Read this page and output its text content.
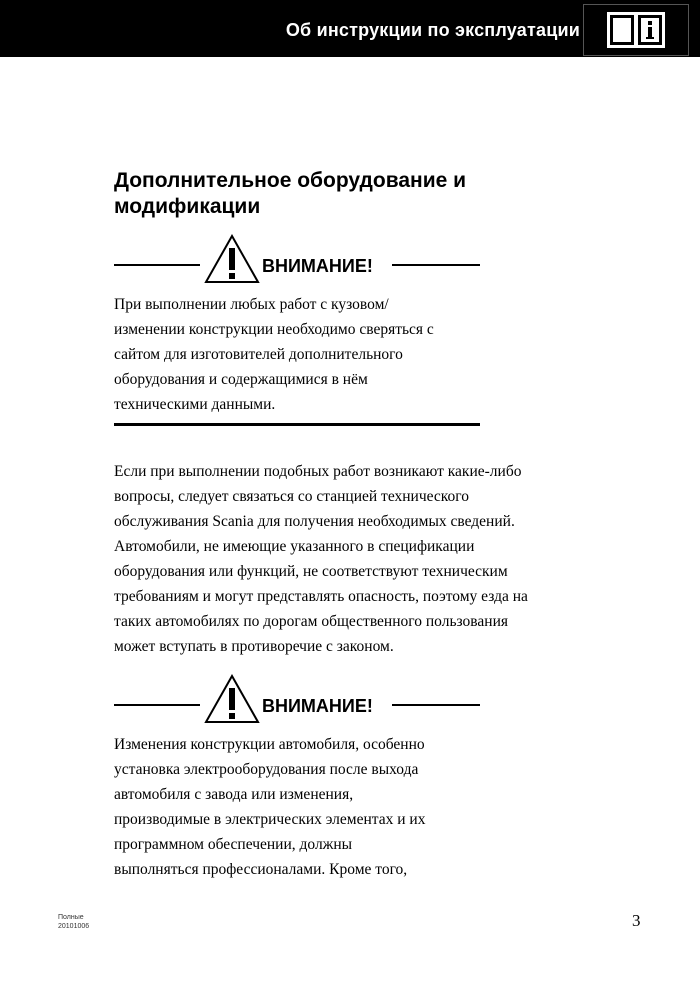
Об инструкции по эксплуатации
Дополнительное оборудование и модификации
ВНИМАНИЕ!
При выполнении любых работ с кузовом/
изменении конструкции необходимо сверяться с
сайтом для изготовителей дополнительного
оборудования и содержащимися в нём
техническими данными.
Если при выполнении подобных работ возникают какие-либо
вопросы, следует связаться со станцией технического
обслуживания Scania для получения необходимых сведений.
Автомобили, не имеющие указанного в спецификации
оборудования или функций, не соответствуют техническим
требованиям и могут представлять опасность, поэтому езда на
таких автомобилях по дорогам общественного пользования
может вступать в противоречие с законом.
ВНИМАНИЕ!
Изменения конструкции автомобиля, особенно
установка электрооборудования после выхода
автомобиля с завода или изменения,
производимые в электрических элементах и их
программном обеспечении, должны
выполняться профессионалами. Кроме того,
Полные
20101006	3
